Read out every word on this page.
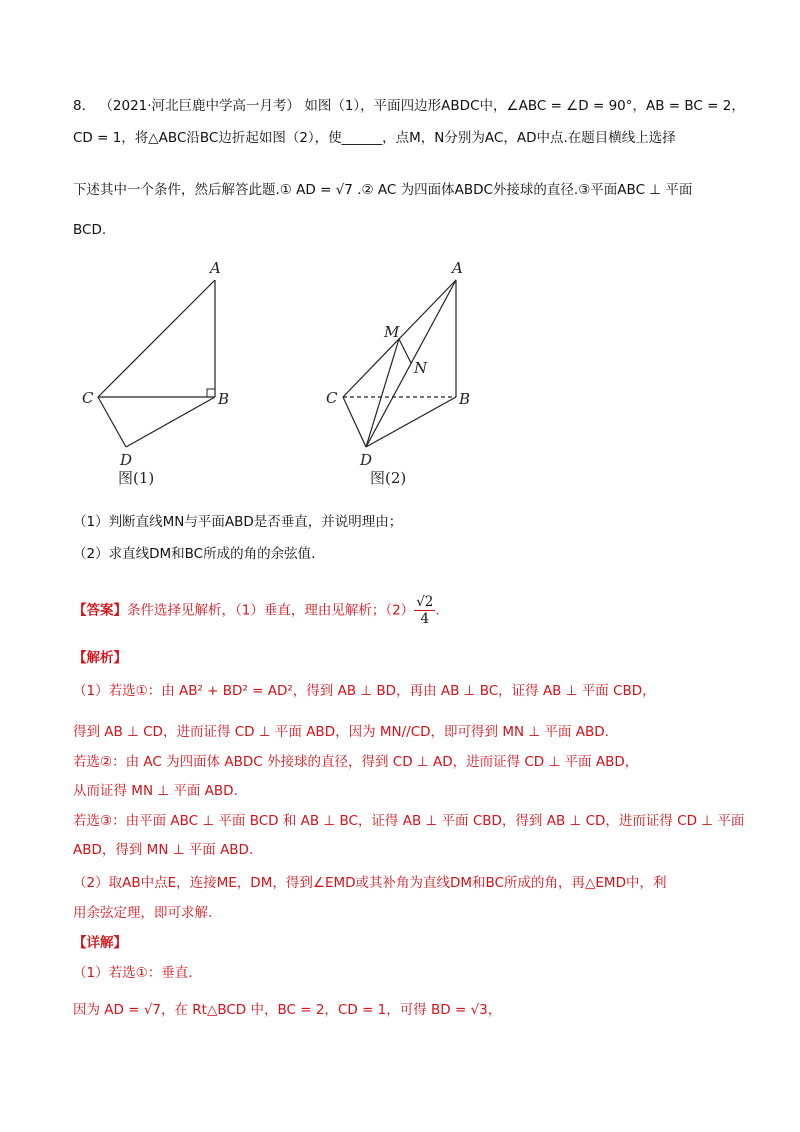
8． （2021·河北巨鹿中学高一月考） 如图（1），平面四边形ABDC中，∠ABC = ∠D = 90°，AB = BC = 2，
CD = 1，将△ABC沿BC边折起如图（2），使______，点M，N分别为AC，AD中点.在题目横线上选择
下述其中一个条件，然后解答此题.① AD = √7 .② AC 为四面体ABDC外接球的直径.③平面ABC ⊥ 平面
BCD.
A
C	B
D
图(1)
A
M
N
C	B
D
图(2)
（1）判断直线MN与平面ABD是否垂直，并说明理由；
（2）求直线DM和BC所成的角的余弦值.
【答案】条件选择见解析，（1）垂直，理由见解析；$(2) \frac{√2}{4}$ .
【解析】
（1）若选①：由 AB² + BD² = AD²，得到 AB ⊥ BD，再由 AB ⊥ BC，证得 AB ⊥ 平面 CBD，
得到 AB ⊥ CD，进而证得 CD ⊥ 平面 ABD，因为 MN//CD，即可得到 MN ⊥ 平面 ABD.
若选②：由 AC 为四面体 ABDC 外接球的直径，得到 CD ⊥ AD，进而证得 CD ⊥ 平面 ABD，
从而证得 MN ⊥ 平面 ABD.
若选③：由平面 ABC ⊥ 平面 BCD 和 AB ⊥ BC，证得 AB ⊥ 平面 CBD，得到 AB ⊥ CD，进而证得 CD ⊥ 平面
ABD，得到 MN ⊥ 平面 ABD.
（2）取AB中点E，连接ME，DM，得到∠EMD或其补角为直线DM和BC所成的角，再△EMD中，利
用余弦定理，即可求解.
【详解】
（1）若选①：垂直.
因为 AD = √7，在 Rt△BCD 中，BC = 2，CD = 1，可得 BD = √3，
